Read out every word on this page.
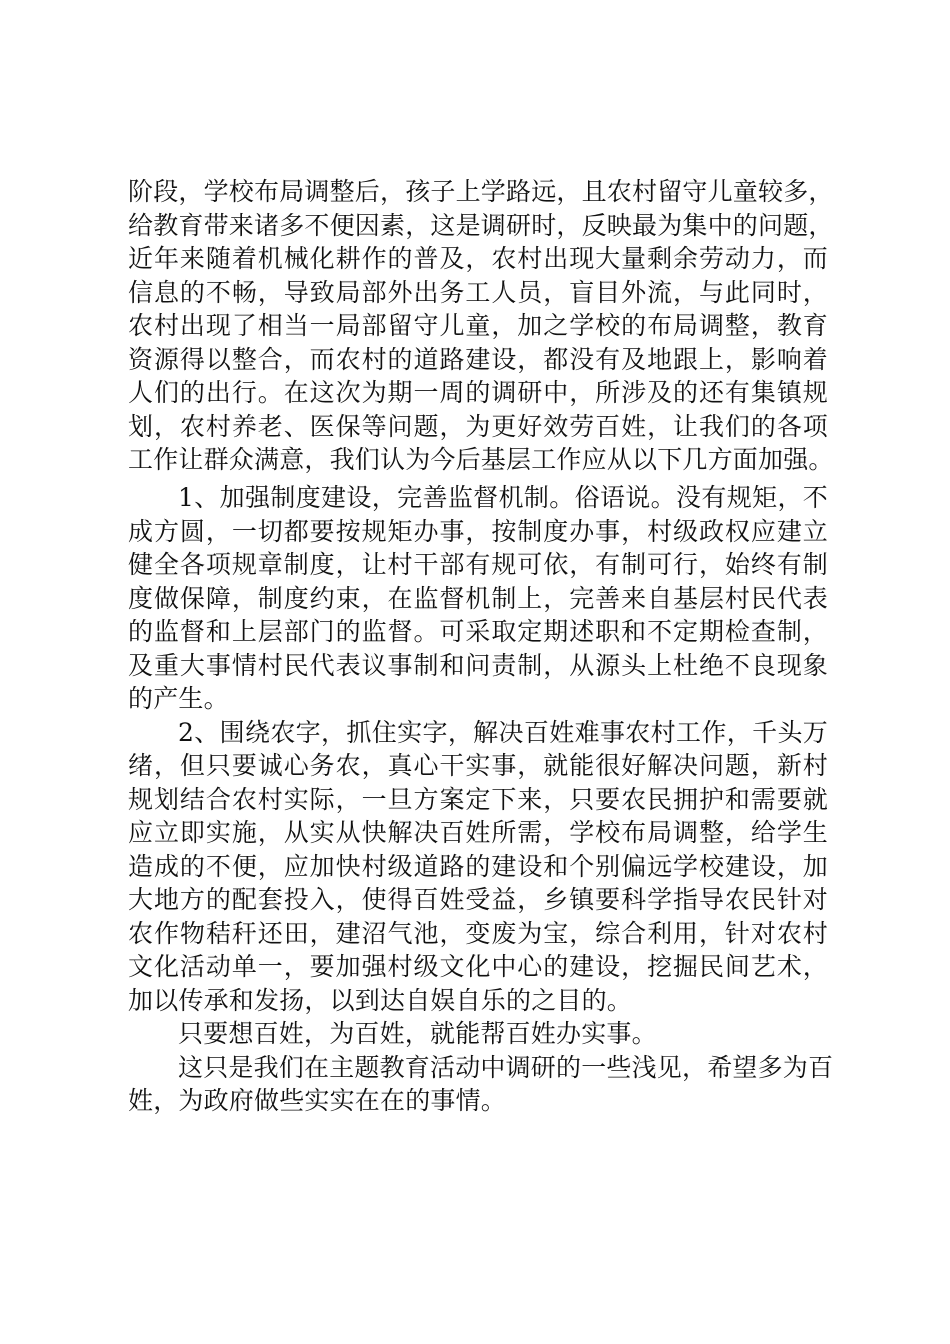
阶段，学校布局调整后，孩子上学路远，且农村留守儿童较多，
给教育带来诸多不便因素，这是调研时，反映最为集中的问题，
近年来随着机械化耕作的普及，农村出现大量剩余劳动力，而
信息的不畅，导致局部外出务工人员，盲目外流，与此同时，
农村出现了相当一局部留守儿童，加之学校的布局调整，教育
资源得以整合，而农村的道路建设，都没有及地跟上，影响着
人们的出行。在这次为期一周的调研中，所涉及的还有集镇规
划，农村养老、医保等问题，为更好效劳百姓，让我们的各项
工作让群众满意，我们认为今后基层工作应从以下几方面加强。
1、加强制度建设，完善监督机制。俗语说。没有规矩，不
成方圆，一切都要按规矩办事，按制度办事，村级政权应建立
健全各项规章制度，让村干部有规可依，有制可行，始终有制
度做保障，制度约束，在监督机制上，完善来自基层村民代表
的监督和上层部门的监督。可采取定期述职和不定期检查制，
及重大事情村民代表议事制和问责制，从源头上杜绝不良现象
的产生。
2、围绕农字，抓住实字，解决百姓难事农村工作，千头万
绪，但只要诚心务农，真心干实事，就能很好解决问题，新村
规划结合农村实际，一旦方案定下来，只要农民拥护和需要就
应立即实施，从实从快解决百姓所需，学校布局调整，给学生
造成的不便，应加快村级道路的建设和个别偏远学校建设，加
大地方的配套投入，使得百姓受益，乡镇要科学指导农民针对
农作物秸秆还田，建沼气池，变废为宝，综合利用，针对农村
文化活动单一，要加强村级文化中心的建设，挖掘民间艺术，
加以传承和发扬，以到达自娱自乐的之目的。
只要想百姓，为百姓，就能帮百姓办实事。
这只是我们在主题教育活动中调研的一些浅见，希望多为百
姓，为政府做些实实在在的事情。
